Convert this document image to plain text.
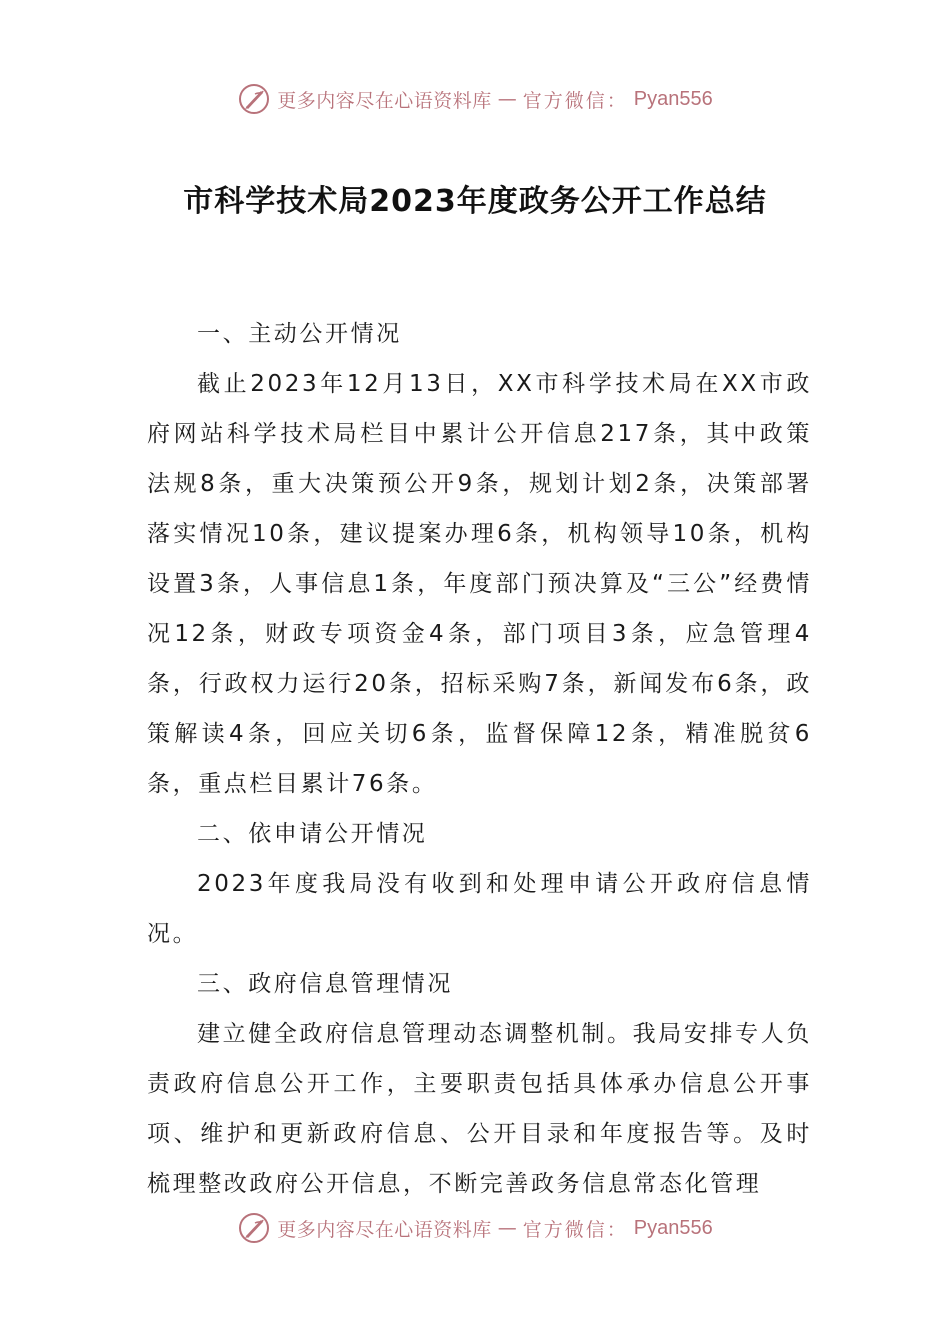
更多内容尽在心语资料库 — 官方微信： Pyan556
市科学技术局2023年度政务公开工作总结

一、主动公开情况

截止2023年12月13日，XX市科学技术局在XX市政府网站科学技术局栏目中累计公开信息217条，其中政策法规8条，重大决策预公开9条，规划计划2条，决策部署落实情况10条，建议提案办理6条，机构领导10条，机构设置3条，人事信息1条，年度部门预决算及“三公”经费情况12条，财政专项资金4条，部门项目3条，应急管理4条，行政权力运行20条，招标采购7条，新闻发布6条，政策解读4条，回应关切6条，监督保障12条，精准脱贫6条，重点栏目累计76条。

二、依申请公开情况

2023年度我局没有收到和处理申请公开政府信息情况。

三、政府信息管理情况

建立健全政府信息管理动态调整机制。我局安排专人负责政府信息公开工作，主要职责包括具体承办信息公开事项、维护和更新政府信息、公开目录和年度报告等。及时梳理整改政府公开信息，不断完善政务信息常态化管理

更多内容尽在心语资料库 — 官方微信： Pyan556
